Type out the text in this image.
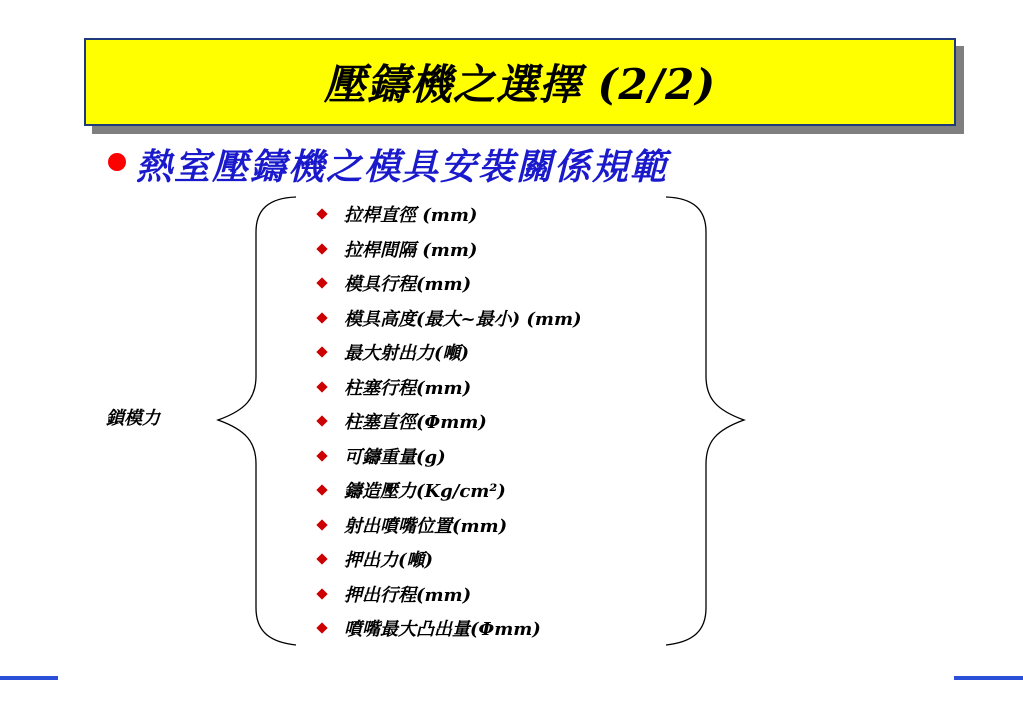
壓鑄機之選擇 (2/2)
熱室壓鑄機之模具安裝關係規範
鎖模力
拉桿直徑 (mm)
拉桿間隔 (mm)
模具行程(mm)
模具高度(最大~最小) (mm)
最大射出力(噸)
柱塞行程(mm)
柱塞直徑(Φmm)
可鑄重量(g)
鑄造壓力(Kg/cm²)
射出噴嘴位置(mm)
押出力(噸)
押出行程(mm)
噴嘴最大凸出量(Φmm)
